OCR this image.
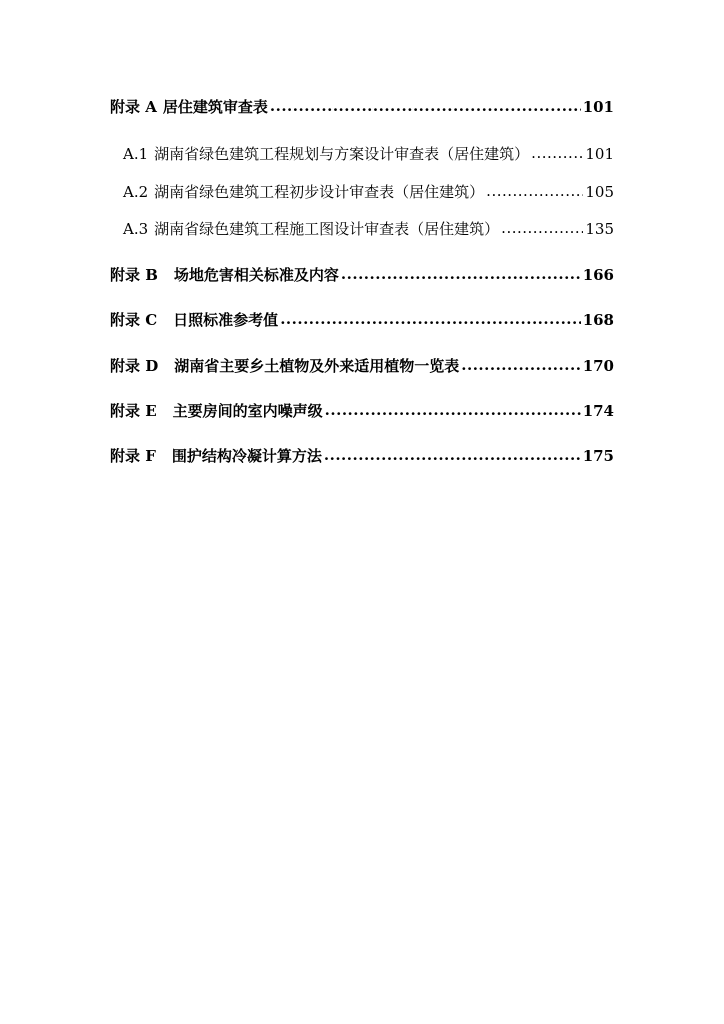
附录 A 居住建筑审查表 .....	101
A.1 湖南省绿色建筑工程规划与方案设计审查表（居住建筑） .....	101
A.2 湖南省绿色建筑工程初步设计审查表（居住建筑） .....	105
A.3 湖南省绿色建筑工程施工图设计审查表（居住建筑） .....	135
附录 B 场地危害相关标准及内容 .....	166
附录 C 日照标准参考值 .....	168
附录 D 湖南省主要乡土植物及外来适用植物一览表 .....	170
附录 E 主要房间的室内噪声级 .....	174
附录 F 围护结构冷凝计算方法 .....	175
